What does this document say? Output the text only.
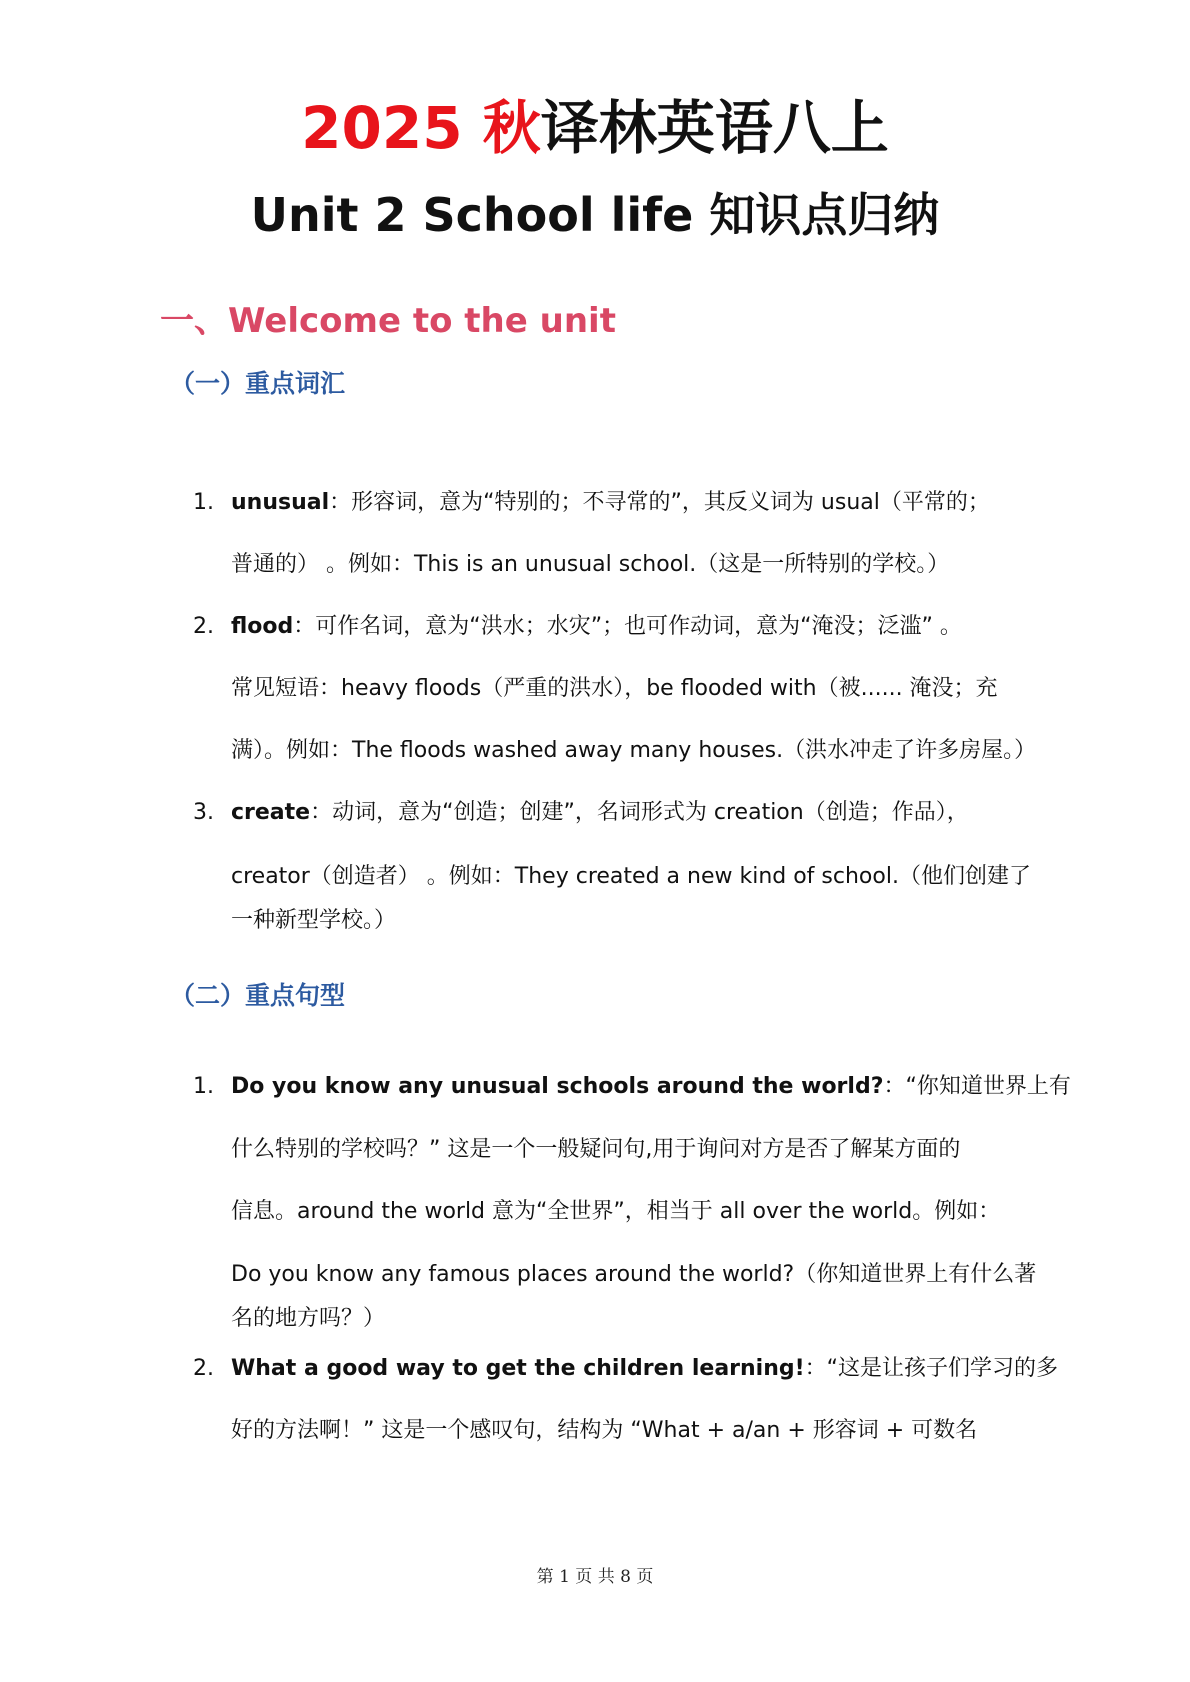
2025 秋译林英语八上
Unit 2 School life 知识点归纳
一、Welcome to the unit
（一）重点词汇
1. unusual：形容词，意为“特别的；不寻常的”，其反义词为 usual（平常的；
普通的） 。例如：This is an unusual school.（这是一所特别的学校。）
2. flood：可作名词，意为“洪水；水灾”；也可作动词，意为“淹没；泛滥” 。
常见短语：heavy floods（严重的洪水），be flooded with（被...... 淹没；充
满）。例如：The floods washed away many houses.（洪水冲走了许多房屋。）
3. create：动词，意为“创造；创建”，名词形式为 creation（创造；作品），
creator（创造者） 。例如：They created a new kind of school.（他们创建了
一种新型学校。）
（二）重点句型
1. Do you know any unusual schools around the world?：“你知道世界上有
什么特别的学校吗？” 这是一个一般疑问句,用于询问对方是否了解某方面的
信息。around the world 意为“全世界”，相当于 all over the world。例如：
Do you know any famous places around the world?（你知道世界上有什么著
名的地方吗？）
2. What a good way to get the children learning!：“这是让孩子们学习的多
好的方法啊！” 这是一个感叹句，结构为 “What + a/an + 形容词 + 可数名
第 1 页 共 8 页
